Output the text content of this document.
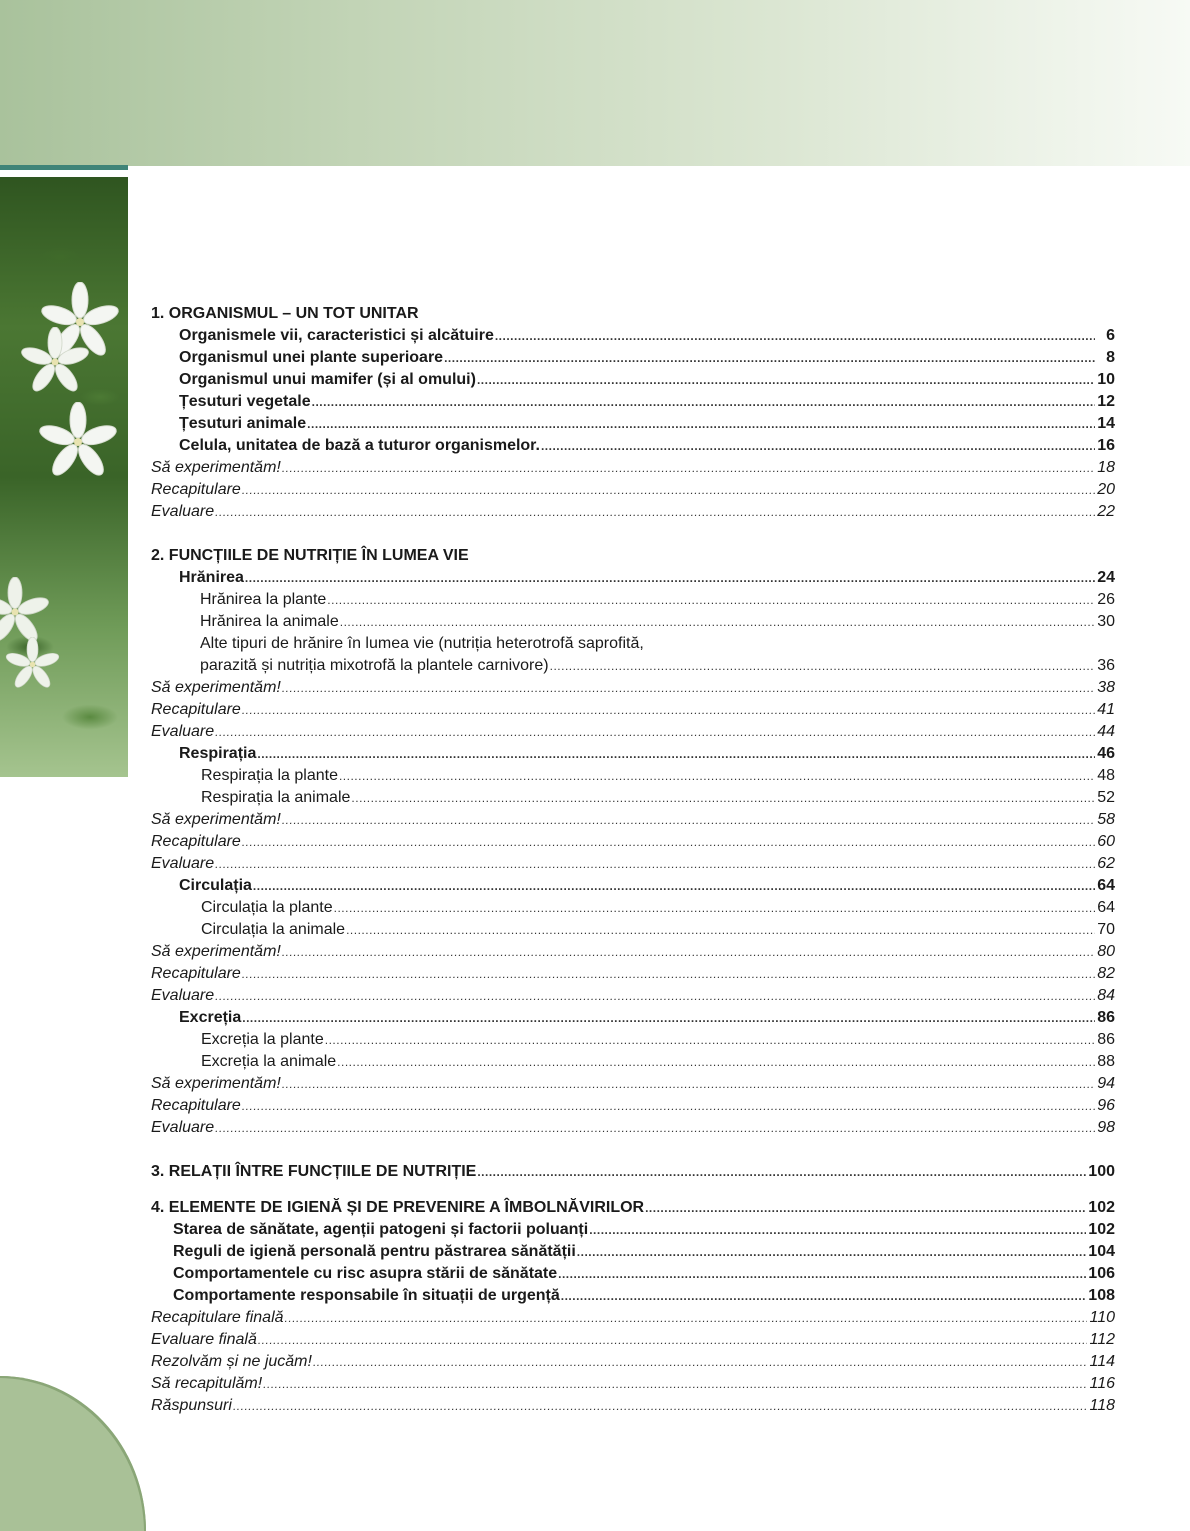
1. ORGANISMUL – UN TOT UNITAR
Organismele vii, caracteristici și alcătuire .....	6
Organismul unei plante superioare .....	8
Organismul unui mamifer (și al omului) .....	10
Țesuturi vegetale .....	12
Țesuturi animale .....	14
Celula, unitatea de bază a tuturor organismelor. .....	16
Să experimentăm! .....	18
Recapitulare .....	20
Evaluare .....	22
2. FUNCȚIILE DE NUTRIȚIE ÎN LUMEA VIE
Hrănirea .....	24
Hrănirea la plante .....	26
Hrănirea la animale .....	30
Alte tipuri de hrănire în lumea vie (nutriția heterotrofă saprofită,
parazită și nutriția mixotrofă la plantele carnivore) .....	36
Să experimentăm! .....	38
Recapitulare .....	41
Evaluare .....	44
Respirația .....	46
Respirația la plante .....	48
Respirația la animale .....	52
Să experimentăm! .....	58
Recapitulare .....	60
Evaluare .....	62
Circulația .....	64
Circulația la plante .....	64
Circulația la animale .....	70
Să experimentăm! .....	80
Recapitulare .....	82
Evaluare .....	84
Excreția .....	86
Excreția la plante .....	86
Excreția la animale .....	88
Să experimentăm! .....	94
Recapitulare .....	96
Evaluare .....	98
3. RELAȚII ÎNTRE FUNCȚIILE DE NUTRIȚIE .....	100
4. ELEMENTE DE IGIENĂ ȘI DE PREVENIRE A ÎMBOLNĂVIRILOR .....	102
Starea de sănătate, agenții patogeni și factorii poluanți .....	102
Reguli de igienă personală pentru păstrarea sănătății .....	104
Comportamentele cu risc asupra stării de sănătate .....	106
Comportamente responsabile în situații de urgență .....	108
Recapitulare finală .....	110
Evaluare finală .....	112
Rezolvăm și ne jucăm! .....	114
Să recapitulăm! .....	116
Răspunsuri .....	118
